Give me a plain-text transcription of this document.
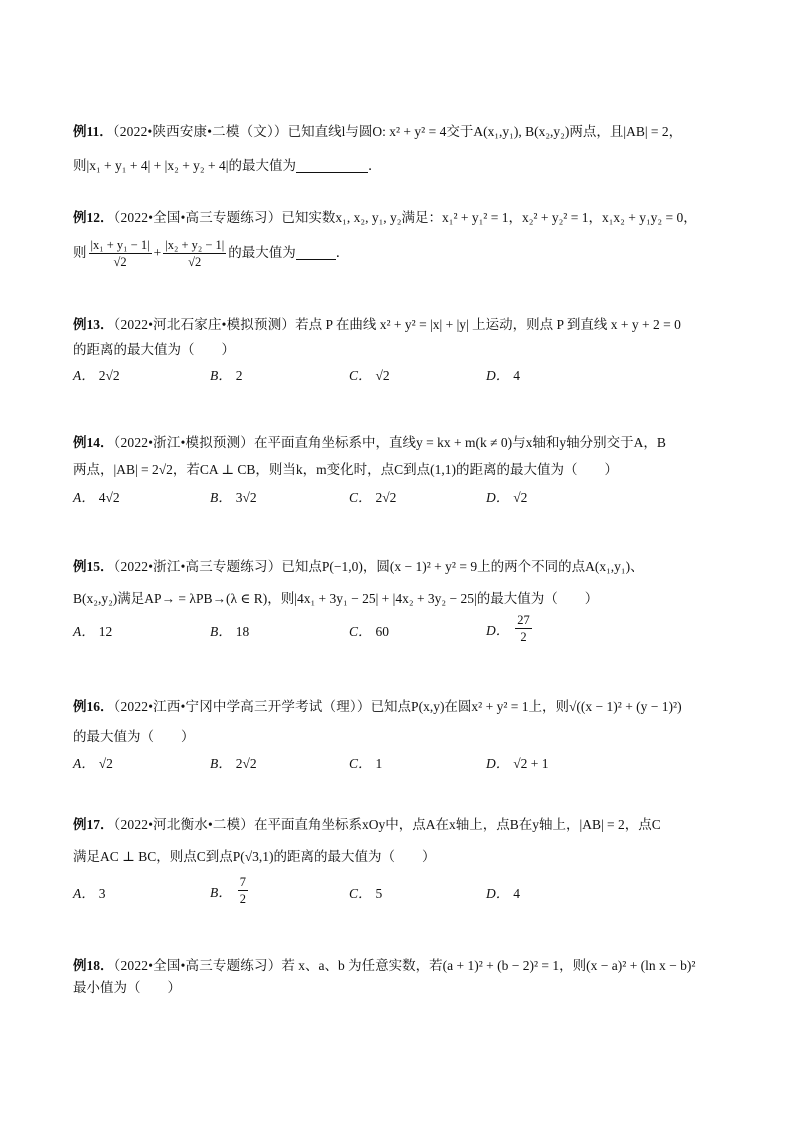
例11．（2022•陕西安康•二模（文））已知直线l与圆O: x² + y² = 4交于A(x₁,y₁), B(x₂,y₂)两点，且|AB| = 2，
则|x₁ + y₁ + 4| + |x₂ + y₂ + 4|的最大值为	．
例12．（2022•全国•高三专题练习）已知实数x₁, x₂, y₁, y₂满足：x₁² + y₁² = 1，x₂² + y₂² = 1，x₁x₂ + y₁y₂ = 0，
则 $\frac{\text{|x₁ + y₁ − 1|}}{√2} + \frac{\text{|x₂ + y₂ − 1|}}{√2}$ 的最大值为	．
例13．（2022•河北石家庄•模拟预测）若点 P 在曲线 x² + y² = |x| + |y| 上运动，则点 P 到直线 x + y + 2 = 0
的距离的最大值为（　　）
A． 2√2	B． 2	C． √2	D． 4
例14．（2022•浙江•模拟预测）在平面直角坐标系中，直线y = kx + m(k ≠ 0)与x轴和y轴分别交于A，B
两点，|AB| = 2√2，若CA ⊥ CB，则当k，m变化时，点C到点(1,1)的距离的最大值为（　　）
A． 4√2	B． 3√2	C． 2√2	D． √2
例15．（2022•浙江•高三专题练习）已知点P(−1,0)，圆(x − 1)² + y² = 9上的两个不同的点A(x₁,y₁)、
B(x₂,y₂)满足AP→ = λPB→(λ ∈ R)，则|4x₁ + 3y₁ − 25| + |4x₂ + 3y₂ − 25|的最大值为（　　）
A． 12	B． 18	C． 60	D． $\frac{27}{2}$
例16．（2022•江西•宁冈中学高三开学考试（理））已知点P(x,y)在圆x² + y² = 1上，则√((x − 1)² + (y − 1)²)
的最大值为（　　）
A． √2	B． 2√2	C． 1	D． √2 + 1
例17．（2022•河北衡水•二模）在平面直角坐标系xOy中，点A在x轴上，点B在y轴上，|AB| = 2，点C
满足AC ⊥ BC，则点C到点P(√3,1)的距离的最大值为（　　）
A． 3	B． $\frac{7}{2}$	C． 5	D． 4
例18．（2022•全国•高三专题练习）若 x、a、b 为任意实数，若(a + 1)² + (b − 2)² = 1，则(x − a)² + (ln x − b)²
最小值为（　　）
